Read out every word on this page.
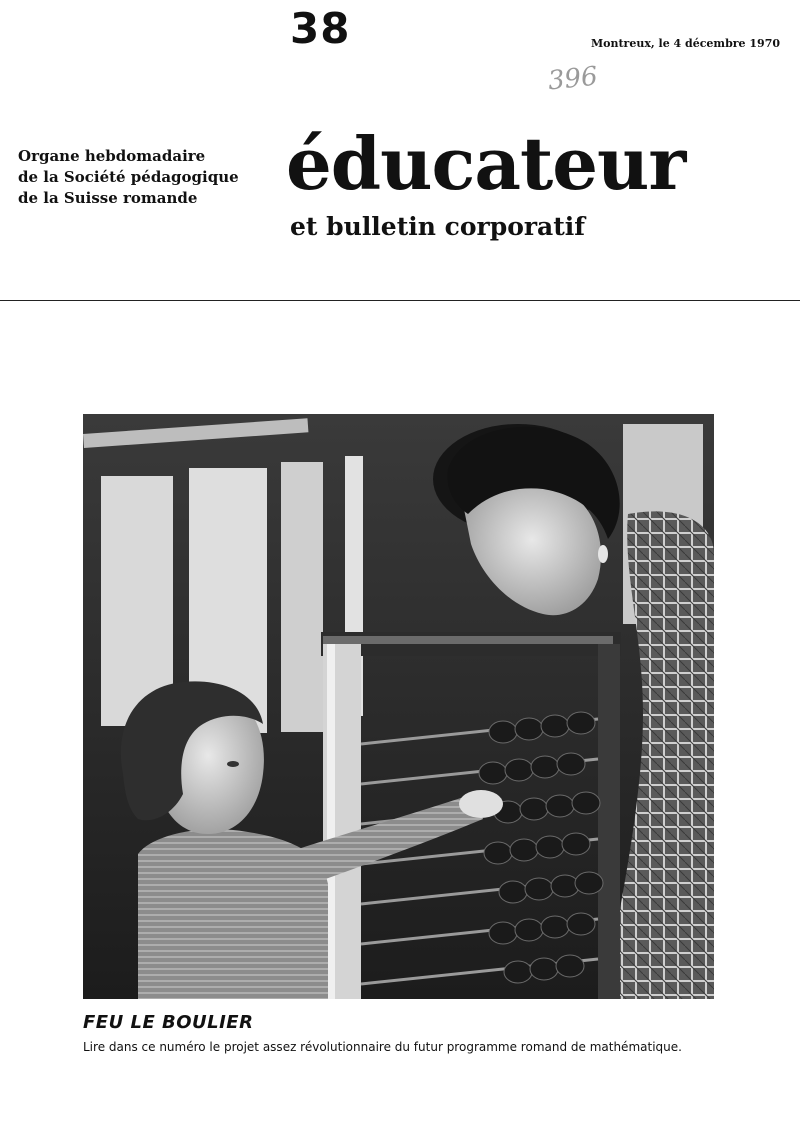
38	Montreux, le 4 décembre 1970
396
Organe hebdomadaire
de la Société pédagogique
de la Suisse romande	éducateur
et bulletin corporatif
FEU LE BOULIER
Lire dans ce numéro le projet assez révolutionnaire du futur programme romand de mathématique.
